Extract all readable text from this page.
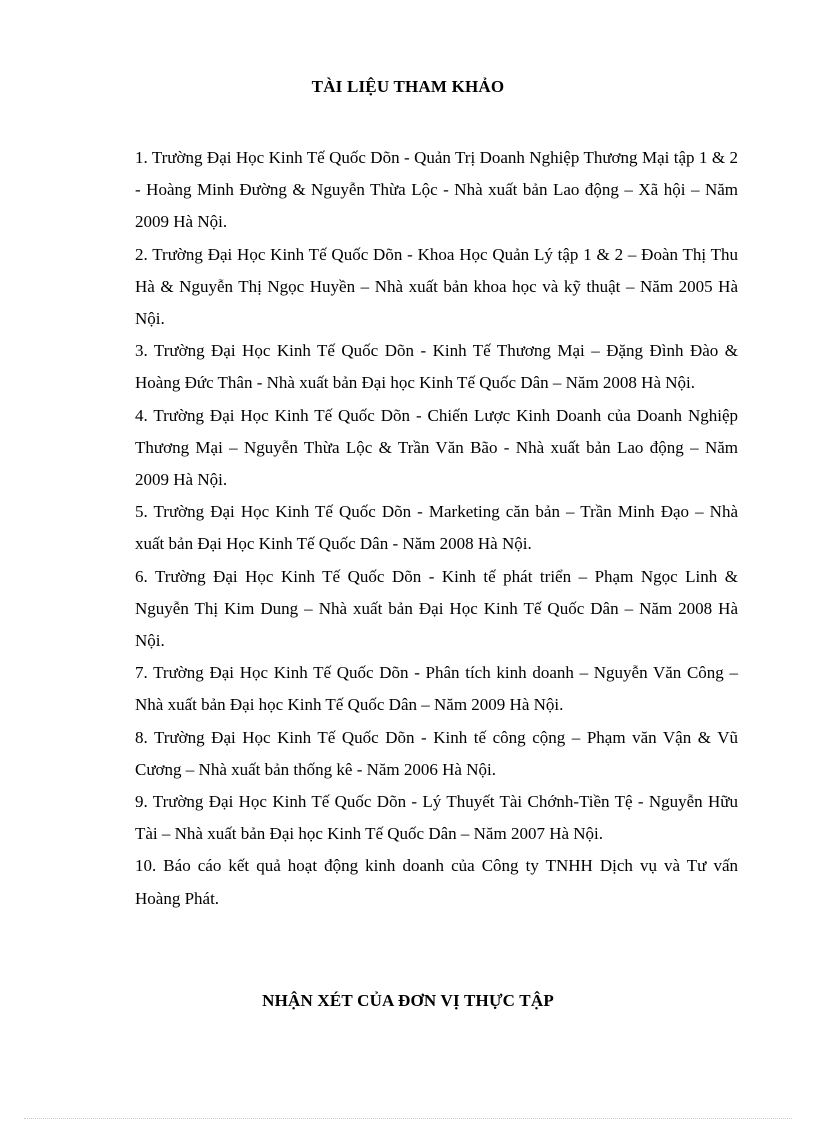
TÀI LIỆU THAM KHẢO
1. Trường Đại Học Kinh Tế Quốc Dõn - Quản Trị Doanh Nghiệp Thương Mại tập 1 & 2 - Hoàng Minh Đường & Nguyễn Thừa Lộc - Nhà xuất bản Lao động – Xã hội – Năm 2009 Hà Nội.
2. Trường Đại Học Kinh Tế Quốc Dõn - Khoa Học Quản Lý tập 1 & 2 – Đoàn Thị Thu Hà & Nguyễn Thị Ngọc Huyền – Nhà xuất bản khoa học và kỹ thuật – Năm 2005 Hà Nội.
3. Trường Đại Học Kinh Tế Quốc Dõn - Kinh Tế Thương Mại – Đặng Đình Đào & Hoàng Đức Thân - Nhà xuất bản Đại học Kinh Tế Quốc Dân – Năm 2008 Hà Nội.
4. Trường Đại Học Kinh Tế Quốc Dõn - Chiến Lược Kinh Doanh của Doanh Nghiệp Thương Mại – Nguyễn Thừa Lộc & Trần Văn Bão - Nhà xuất bản Lao động – Năm 2009 Hà Nội.
5. Trường Đại Học Kinh Tế Quốc Dõn - Marketing căn bản – Trần Minh Đạo – Nhà xuất bản Đại Học Kinh Tế Quốc Dân - Năm 2008 Hà Nội.
6. Trường Đại Học Kinh Tế Quốc Dõn - Kinh tế phát triển – Phạm Ngọc Linh & Nguyễn Thị Kim Dung – Nhà xuất bản Đại Học Kinh Tế Quốc Dân – Năm 2008 Hà Nội.
7. Trường Đại Học Kinh Tế Quốc Dõn - Phân tích kinh doanh – Nguyễn Văn Công – Nhà xuất bản Đại học Kinh Tế Quốc Dân – Năm 2009 Hà Nội.
8. Trường Đại Học Kinh Tế Quốc Dõn - Kinh tế công cộng – Phạm văn Vận & Vũ Cương – Nhà xuất bản thống kê - Năm 2006 Hà Nội.
9. Trường Đại Học Kinh Tế Quốc Dõn - Lý Thuyết Tài Chớnh-Tiền Tệ - Nguyễn Hữu Tài – Nhà xuất bản Đại học Kinh Tế Quốc Dân – Năm 2007 Hà Nội.
10. Báo cáo kết quả hoạt động kinh doanh của Công ty TNHH Dịch vụ và Tư vấn Hoàng Phát.
NHẬN XÉT CỦA ĐƠN VỊ THỰC TẬP
